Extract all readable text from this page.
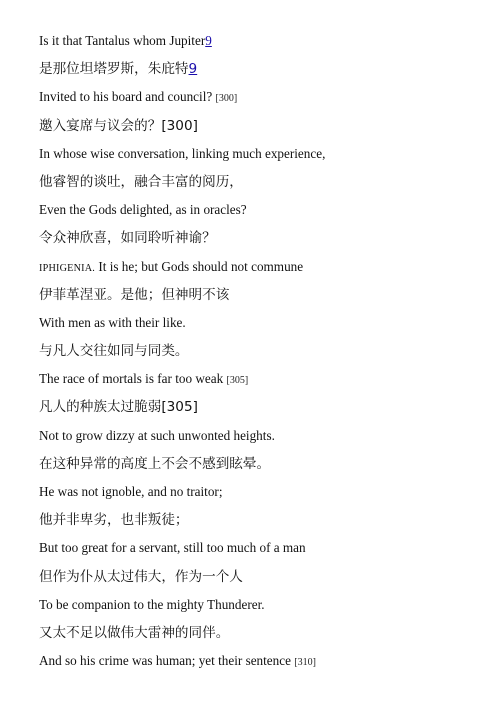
Is it that Tantalus whom Jupiter9
是那位坦塔罗斯，朱庇特9
Invited to his board and council? [300]
邀入宴席与议会的？[300]
In whose wise conversation, linking much experience,
他睿智的谈吐，融合丰富的阅历，
Even the Gods delighted, as in oracles?
令众神欣喜，如同聆听神谕？
IPHIGENIA. It is he; but Gods should not commune
伊菲革涅亚。是他；但神明不该
With men as with their like.
与凡人交往如同与同类。
The race of mortals is far too weak [305]
凡人的种族太过脆弱[305]
Not to grow dizzy at such unwonted heights.
在这种异常的高度上不会不感到眩晕。
He was not ignoble, and no traitor;
他并非卑劣，也非叛徒；
But too great for a servant, still too much of a man
但作为仆从太过伟大，作为一个人
To be companion to the mighty Thunderer.
又太不足以做伟大雷神的同伴。
And so his crime was human; yet their sentence [310]
